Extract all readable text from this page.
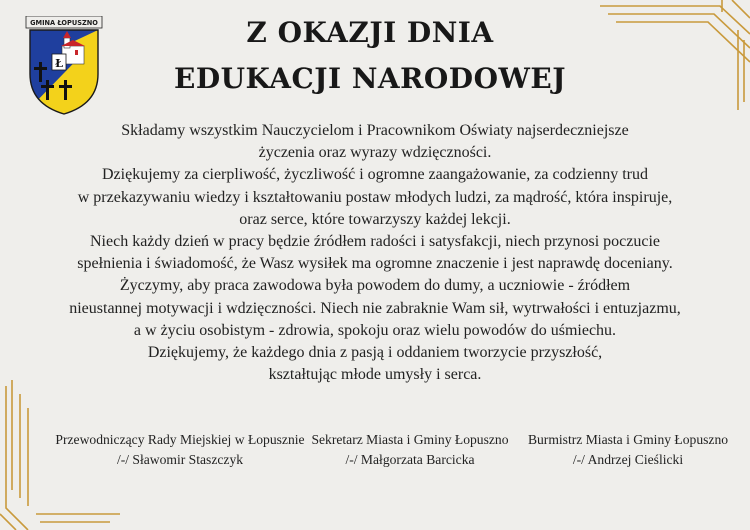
GMINA ŁOPUSZNO
Ł
Z OKAZJI DNIA
EDUKACJI NARODOWEJ
Składamy wszystkim Nauczycielom i Pracownikom Oświaty najserdeczniejsze
życzenia oraz wyrazy wdzięczności.
Dziękujemy za cierpliwość, życzliwość i ogromne zaangażowanie, za codzienny trud
w przekazywaniu wiedzy i kształtowaniu postaw młodych ludzi, za mądrość, która inspiruje,
oraz serce, które towarzyszy każdej lekcji.
Niech każdy dzień w pracy będzie źródłem radości i satysfakcji, niech przynosi poczucie
spełnienia i świadomość, że Wasz wysiłek ma ogromne znaczenie i jest naprawdę doceniany.
Życzymy, aby praca zawodowa była powodem do dumy, a uczniowie - źródłem
nieustannej motywacji i wdzięczności. Niech nie zabraknie Wam sił, wytrwałości i entuzjazmu,
a w życiu osobistym - zdrowia, spokoju oraz wielu powodów do uśmiechu.
Dziękujemy, że każdego dnia z pasją i oddaniem tworzycie przyszłość,
kształtując młode umysły i serca.
Przewodniczący Rady Miejskiej w Łopusznie
/-/ Sławomir Staszczyk
Sekretarz Miasta i Gminy Łopuszno
/-/ Małgorzata Barcicka
Burmistrz Miasta i Gminy Łopuszno
/-/ Andrzej Cieślicki
